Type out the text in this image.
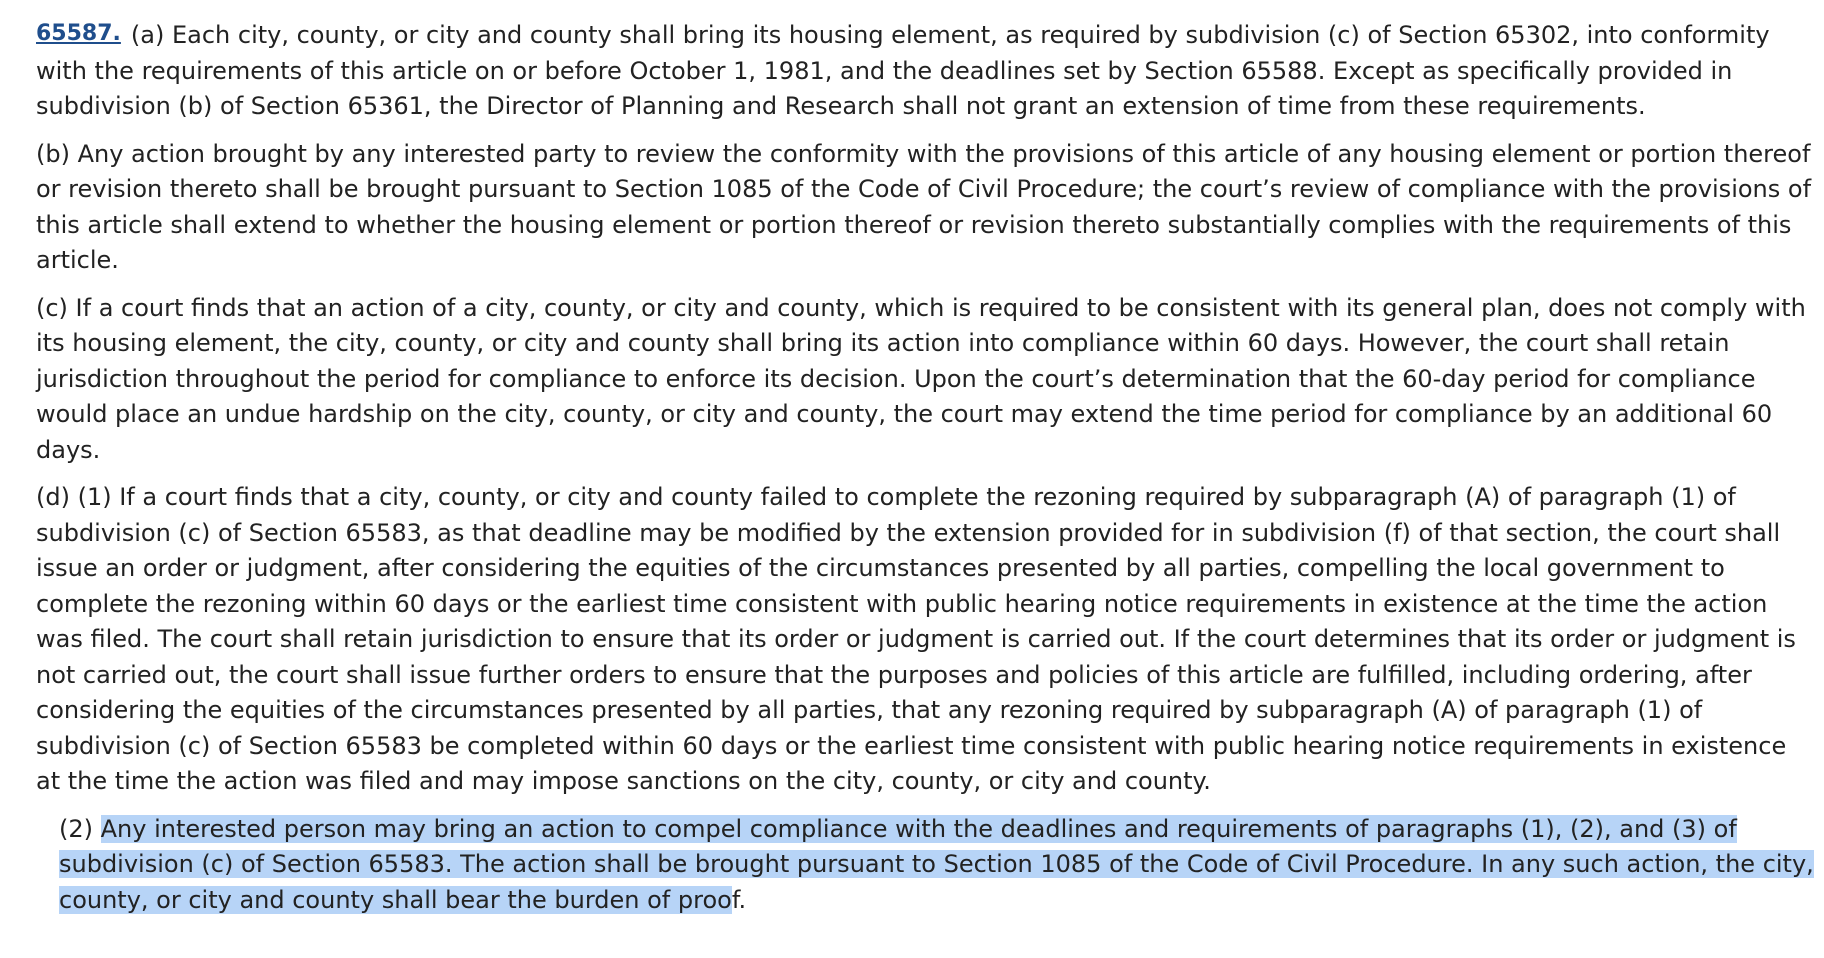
65587. (a) Each city, county, or city and county shall bring its housing element, as required by subdivision (c) of Section 65302, into conformity with the requirements of this article on or before October 1, 1981, and the deadlines set by Section 65588. Except as specifically provided in subdivision (b) of Section 65361, the Director of Planning and Research shall not grant an extension of time from these requirements.

(b) Any action brought by any interested party to review the conformity with the provisions of this article of any housing element or portion thereof or revision thereto shall be brought pursuant to Section 1085 of the Code of Civil Procedure; the court’s review of compliance with the provisions of this article shall extend to whether the housing element or portion thereof or revision thereto substantially complies with the requirements of this article.

(c) If a court finds that an action of a city, county, or city and county, which is required to be consistent with its general plan, does not comply with its housing element, the city, county, or city and county shall bring its action into compliance within 60 days. However, the court shall retain jurisdiction throughout the period for compliance to enforce its decision. Upon the court’s determination that the 60-day period for compliance would place an undue hardship on the city, county, or city and county, the court may extend the time period for compliance by an additional 60 days.

(d) (1) If a court finds that a city, county, or city and county failed to complete the rezoning required by subparagraph (A) of paragraph (1) of subdivision (c) of Section 65583, as that deadline may be modified by the extension provided for in subdivision (f) of that section, the court shall issue an order or judgment, after considering the equities of the circumstances presented by all parties, compelling the local government to complete the rezoning within 60 days or the earliest time consistent with public hearing notice requirements in existence at the time the action was filed. The court shall retain jurisdiction to ensure that its order or judgment is carried out. If the court determines that its order or judgment is not carried out, the court shall issue further orders to ensure that the purposes and policies of this article are fulfilled, including ordering, after considering the equities of the circumstances presented by all parties, that any rezoning required by subparagraph (A) of paragraph (1) of subdivision (c) of Section 65583 be completed within 60 days or the earliest time consistent with public hearing notice requirements in existence at the time the action was filed and may impose sanctions on the city, county, or city and county.

(2) Any interested person may bring an action to compel compliance with the deadlines and requirements of paragraphs (1), (2), and (3) of subdivision (c) of Section 65583. The action shall be brought pursuant to Section 1085 of the Code of Civil Procedure. In any such action, the city, county, or city and county shall bear the burden of proof.
